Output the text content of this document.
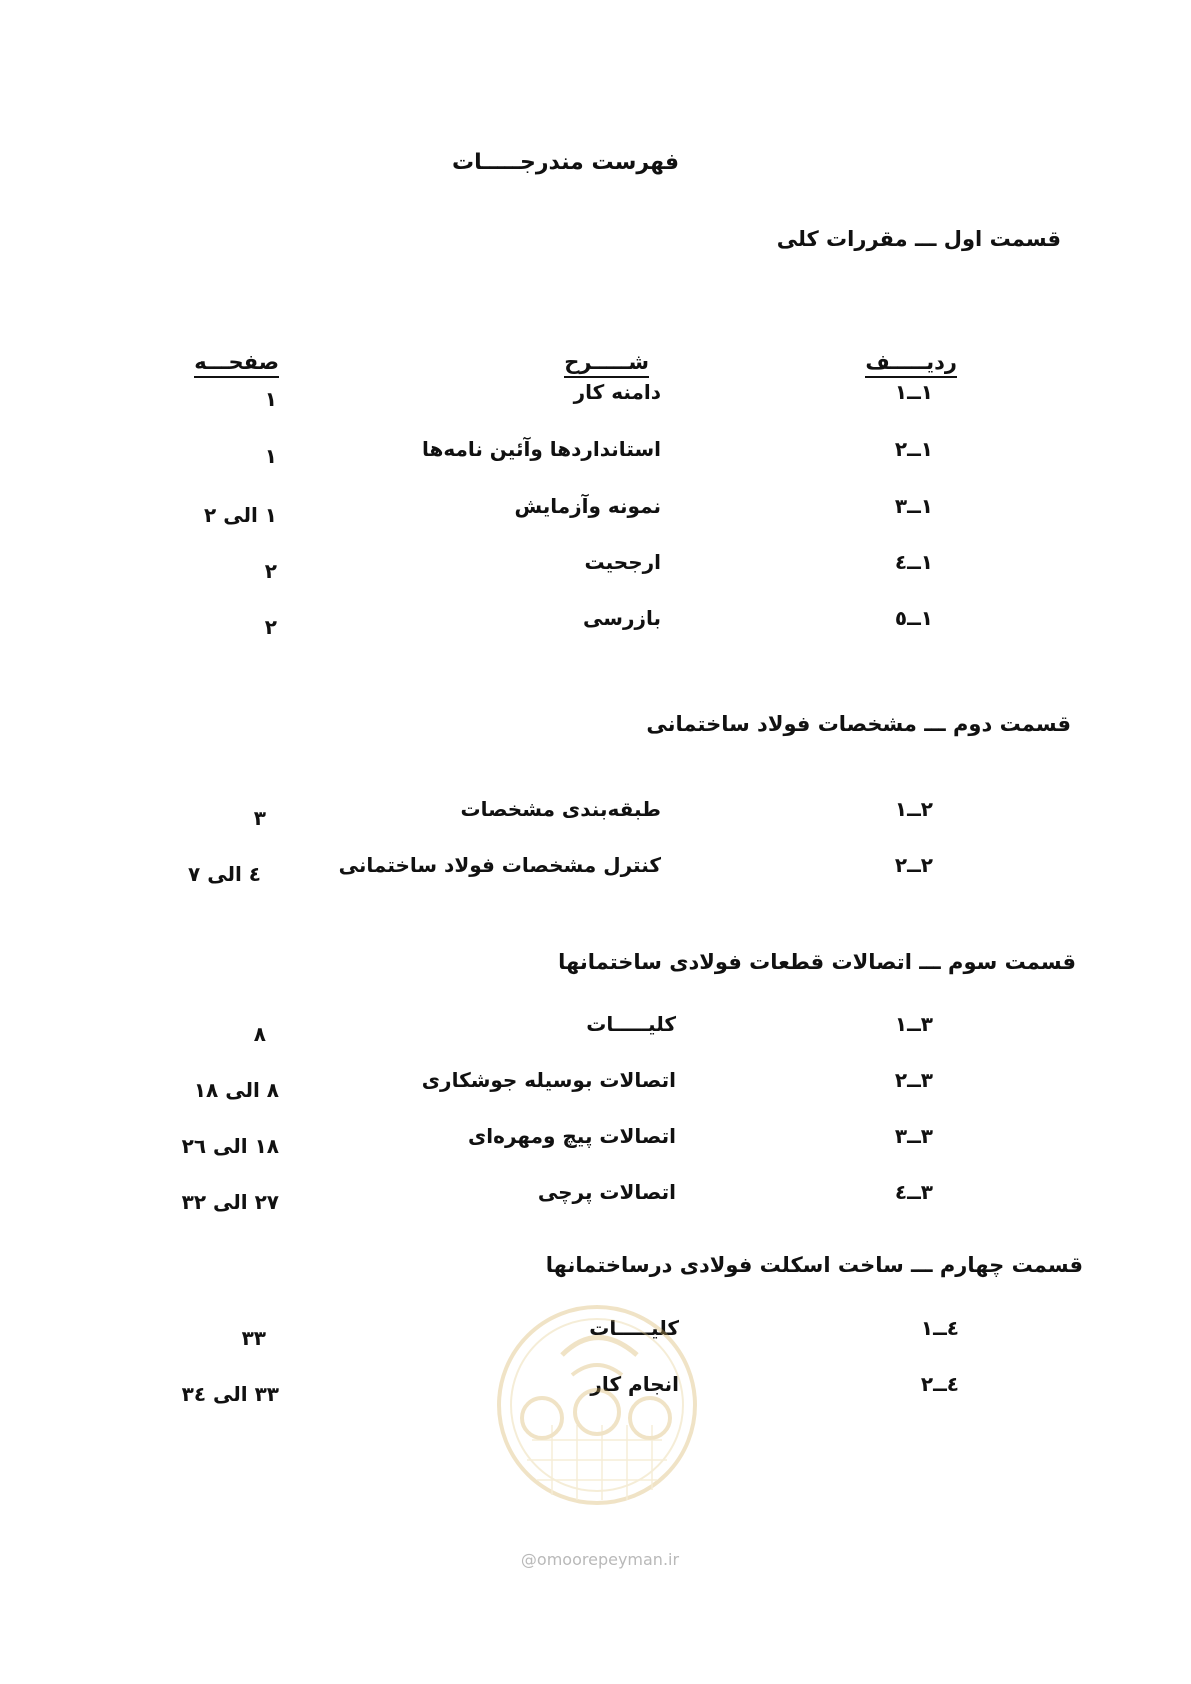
فهرست مندرجـــــات
قسمت اول ـــ مقررات کلی
ردیـــــف
شـــــرح
صفحـــه
۱ــ۱
دامنه کار
۱
۱ــ۲
استانداردها وآئین نامه‌ها
۱
۱ــ۳
نمونه وآزمایش
۱ الی ۲
۱ــ٤
ارجحیت
۲
۱ــ٥
بازرسی
۲
قسمت دوم ـــ مشخصات فولاد ساختمانی
۲ــ۱
طبقه‌بندی مشخصات
۳
۲ــ۲
کنترل مشخصات فولاد ساختمانی
٤ الی ۷
قسمت سوم ـــ اتصالات قطعات فولادی ساختمانها
۳ــ۱
کلیـــــات
۸
۳ــ۲
اتصالات بوسیله جوشکاری
۸ الی ۱۸
۳ــ۳
اتصالات پیچ ومهره‌ای
۱۸ الی ۲٦
۳ــ٤
اتصالات پرچی
۲۷ الی ۳۲
قسمت چهارم ـــ ساخت اسکلت فولادی درساختمانها
٤ــ۱
کلیـــــات
۳۳
٤ــ۲
انجام کار
۳۳ الی ۳٤
@omoorepeyman.ir
